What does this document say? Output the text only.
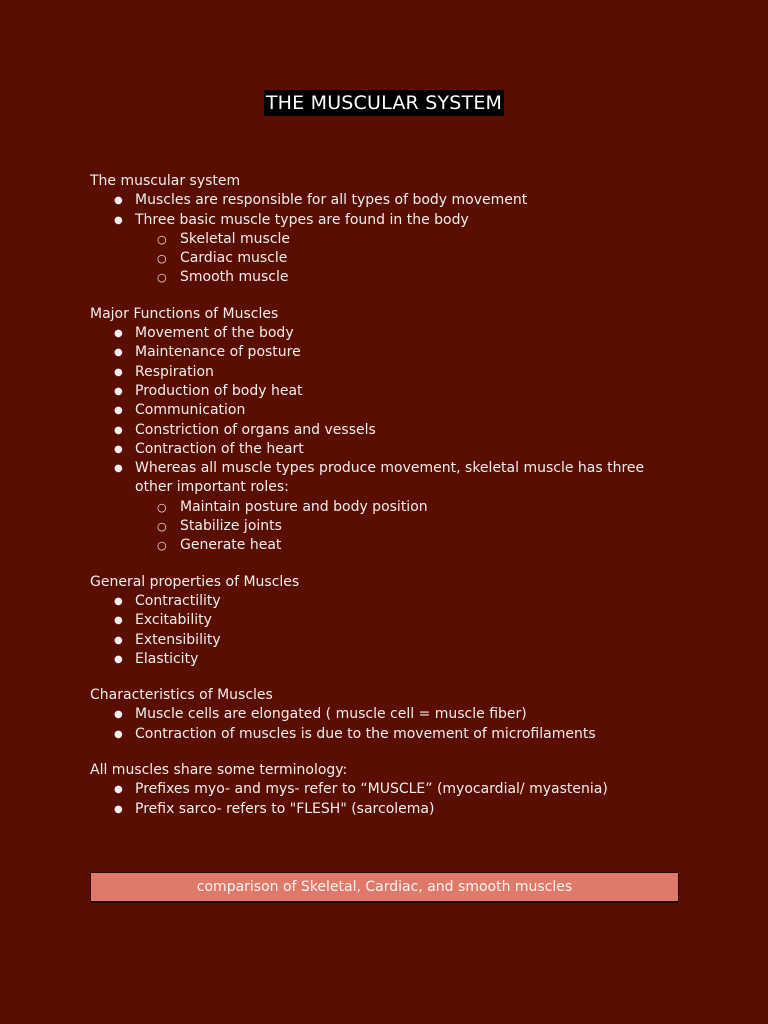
THE MUSCULAR SYSTEM

The muscular system

● Muscles are responsible for all types of body movement
● Three basic muscle types are found in the body
○ Skeletal muscle
○ Cardiac muscle
○ Smooth muscle

Major Functions of Muscles

● Movement of the body
● Maintenance of posture
● Respiration
● Production of body heat
● Communication
● Constriction of organs and vessels
● Contraction of the heart
● Whereas all muscle types produce movement, skeletal muscle has three other important roles:
○ Maintain posture and body position
○ Stabilize joints
○ Generate heat

General properties of Muscles

● Contractility
● Excitability
● Extensibility
● Elasticity

Characteristics of Muscles

● Muscle cells are elongated ( muscle cell = muscle fiber)
● Contraction of muscles is due to the movement of microfilaments

All muscles share some terminology:

● Prefixes myo- and mys- refer to “MUSCLE” (myocardial/ myastenia)
● Prefix sarco- refers to "FLESH" (sarcolema)
comparison of Skeletal, Cardiac, and smooth muscles
